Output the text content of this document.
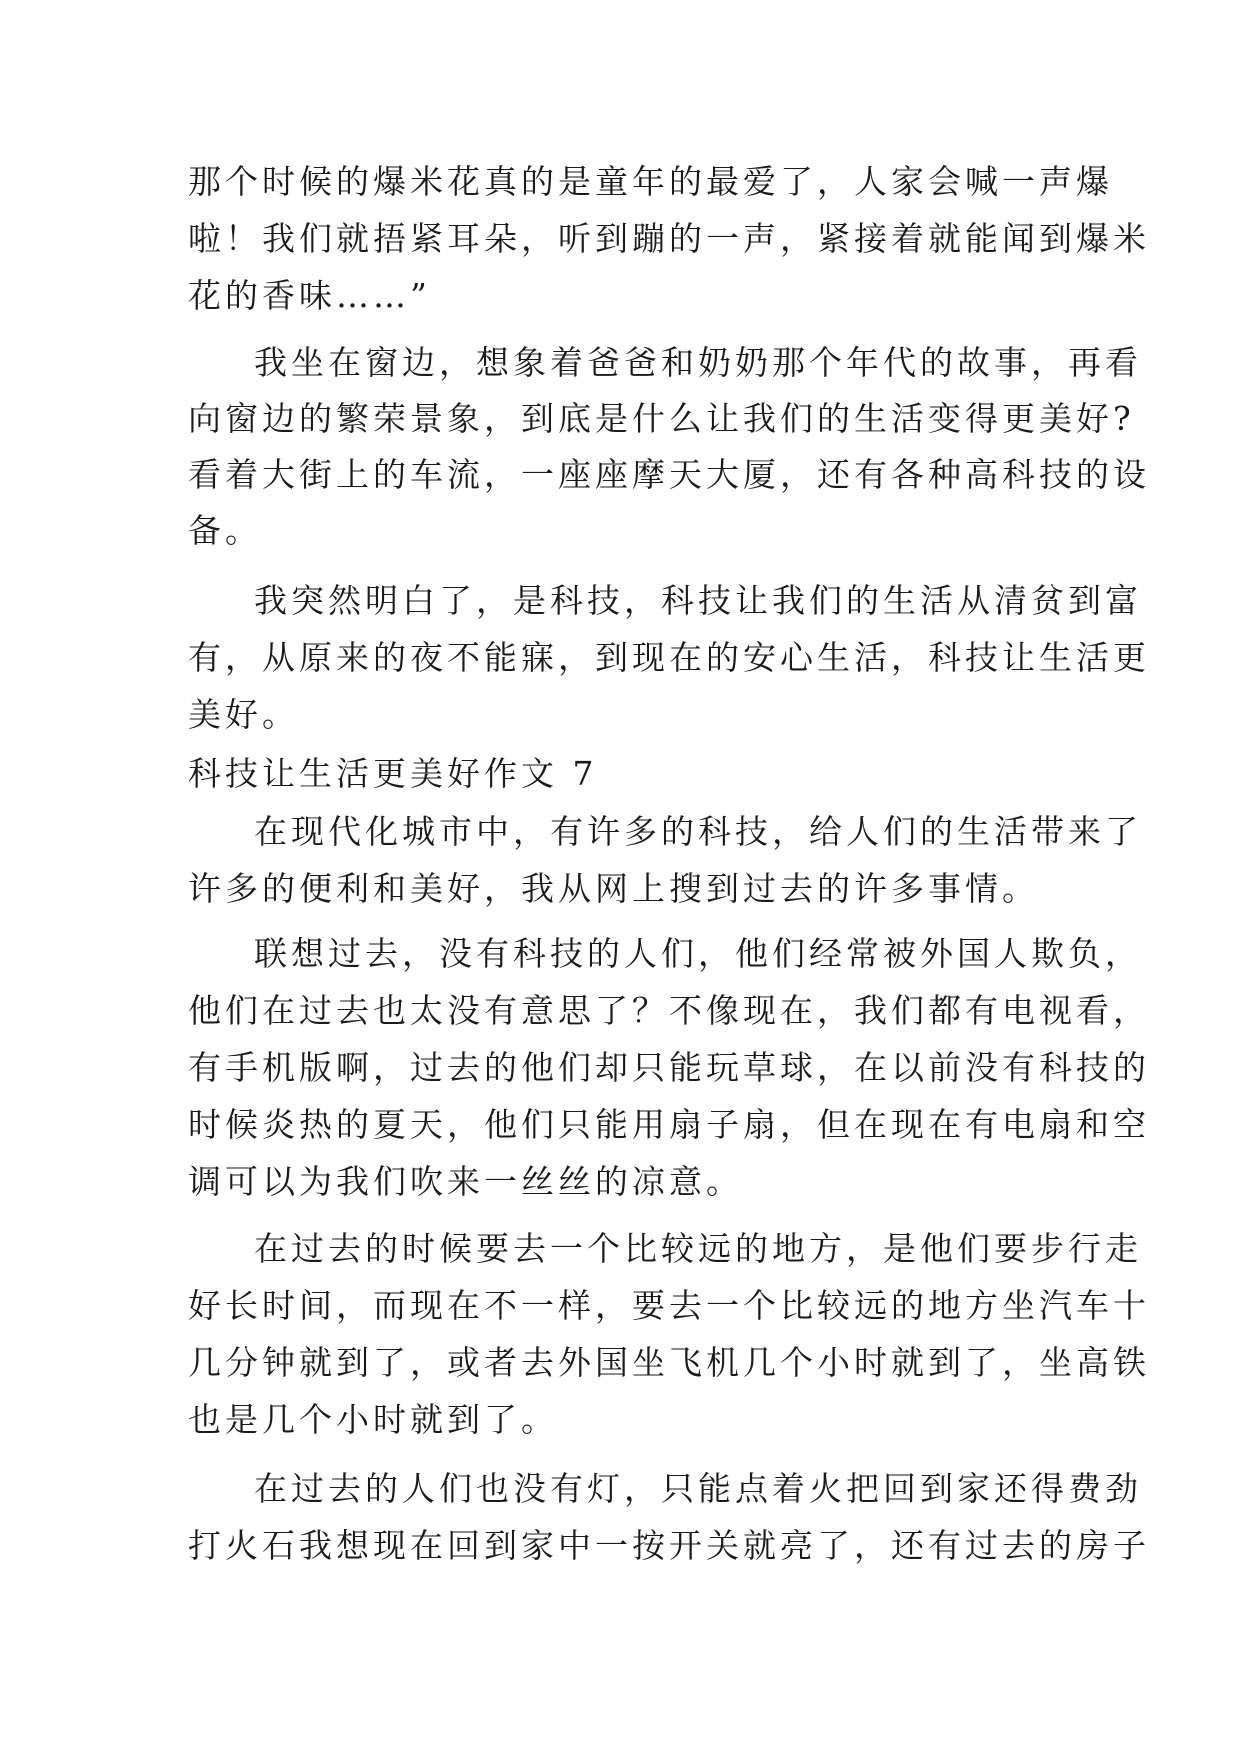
那个时候的爆米花真的是童年的最爱了，人家会喊一声爆
啦！我们就捂紧耳朵，听到蹦的一声，紧接着就能闻到爆米
花的香味……”
我坐在窗边，想象着爸爸和奶奶那个年代的故事，再看
向窗边的繁荣景象，到底是什么让我们的生活变得更美好?
看着大街上的车流，一座座摩天大厦，还有各种高科技的设
备。
我突然明白了，是科技，科技让我们的生活从清贫到富
有，从原来的夜不能寐，到现在的安心生活，科技让生活更
美好。
科技让生活更美好作文 7
在现代化城市中，有许多的科技，给人们的生活带来了
许多的便利和美好，我从网上搜到过去的许多事情。
联想过去，没有科技的人们，他们经常被外国人欺负，
他们在过去也太没有意思了？不像现在，我们都有电视看，
有手机版啊，过去的他们却只能玩草球，在以前没有科技的
时候炎热的夏天，他们只能用扇子扇，但在现在有电扇和空
调可以为我们吹来一丝丝的凉意。
在过去的时候要去一个比较远的地方，是他们要步行走
好长时间，而现在不一样，要去一个比较远的地方坐汽车十
几分钟就到了，或者去外国坐飞机几个小时就到了，坐高铁
也是几个小时就到了。
在过去的人们也没有灯，只能点着火把回到家还得费劲
打火石我想现在回到家中一按开关就亮了，还有过去的房子
